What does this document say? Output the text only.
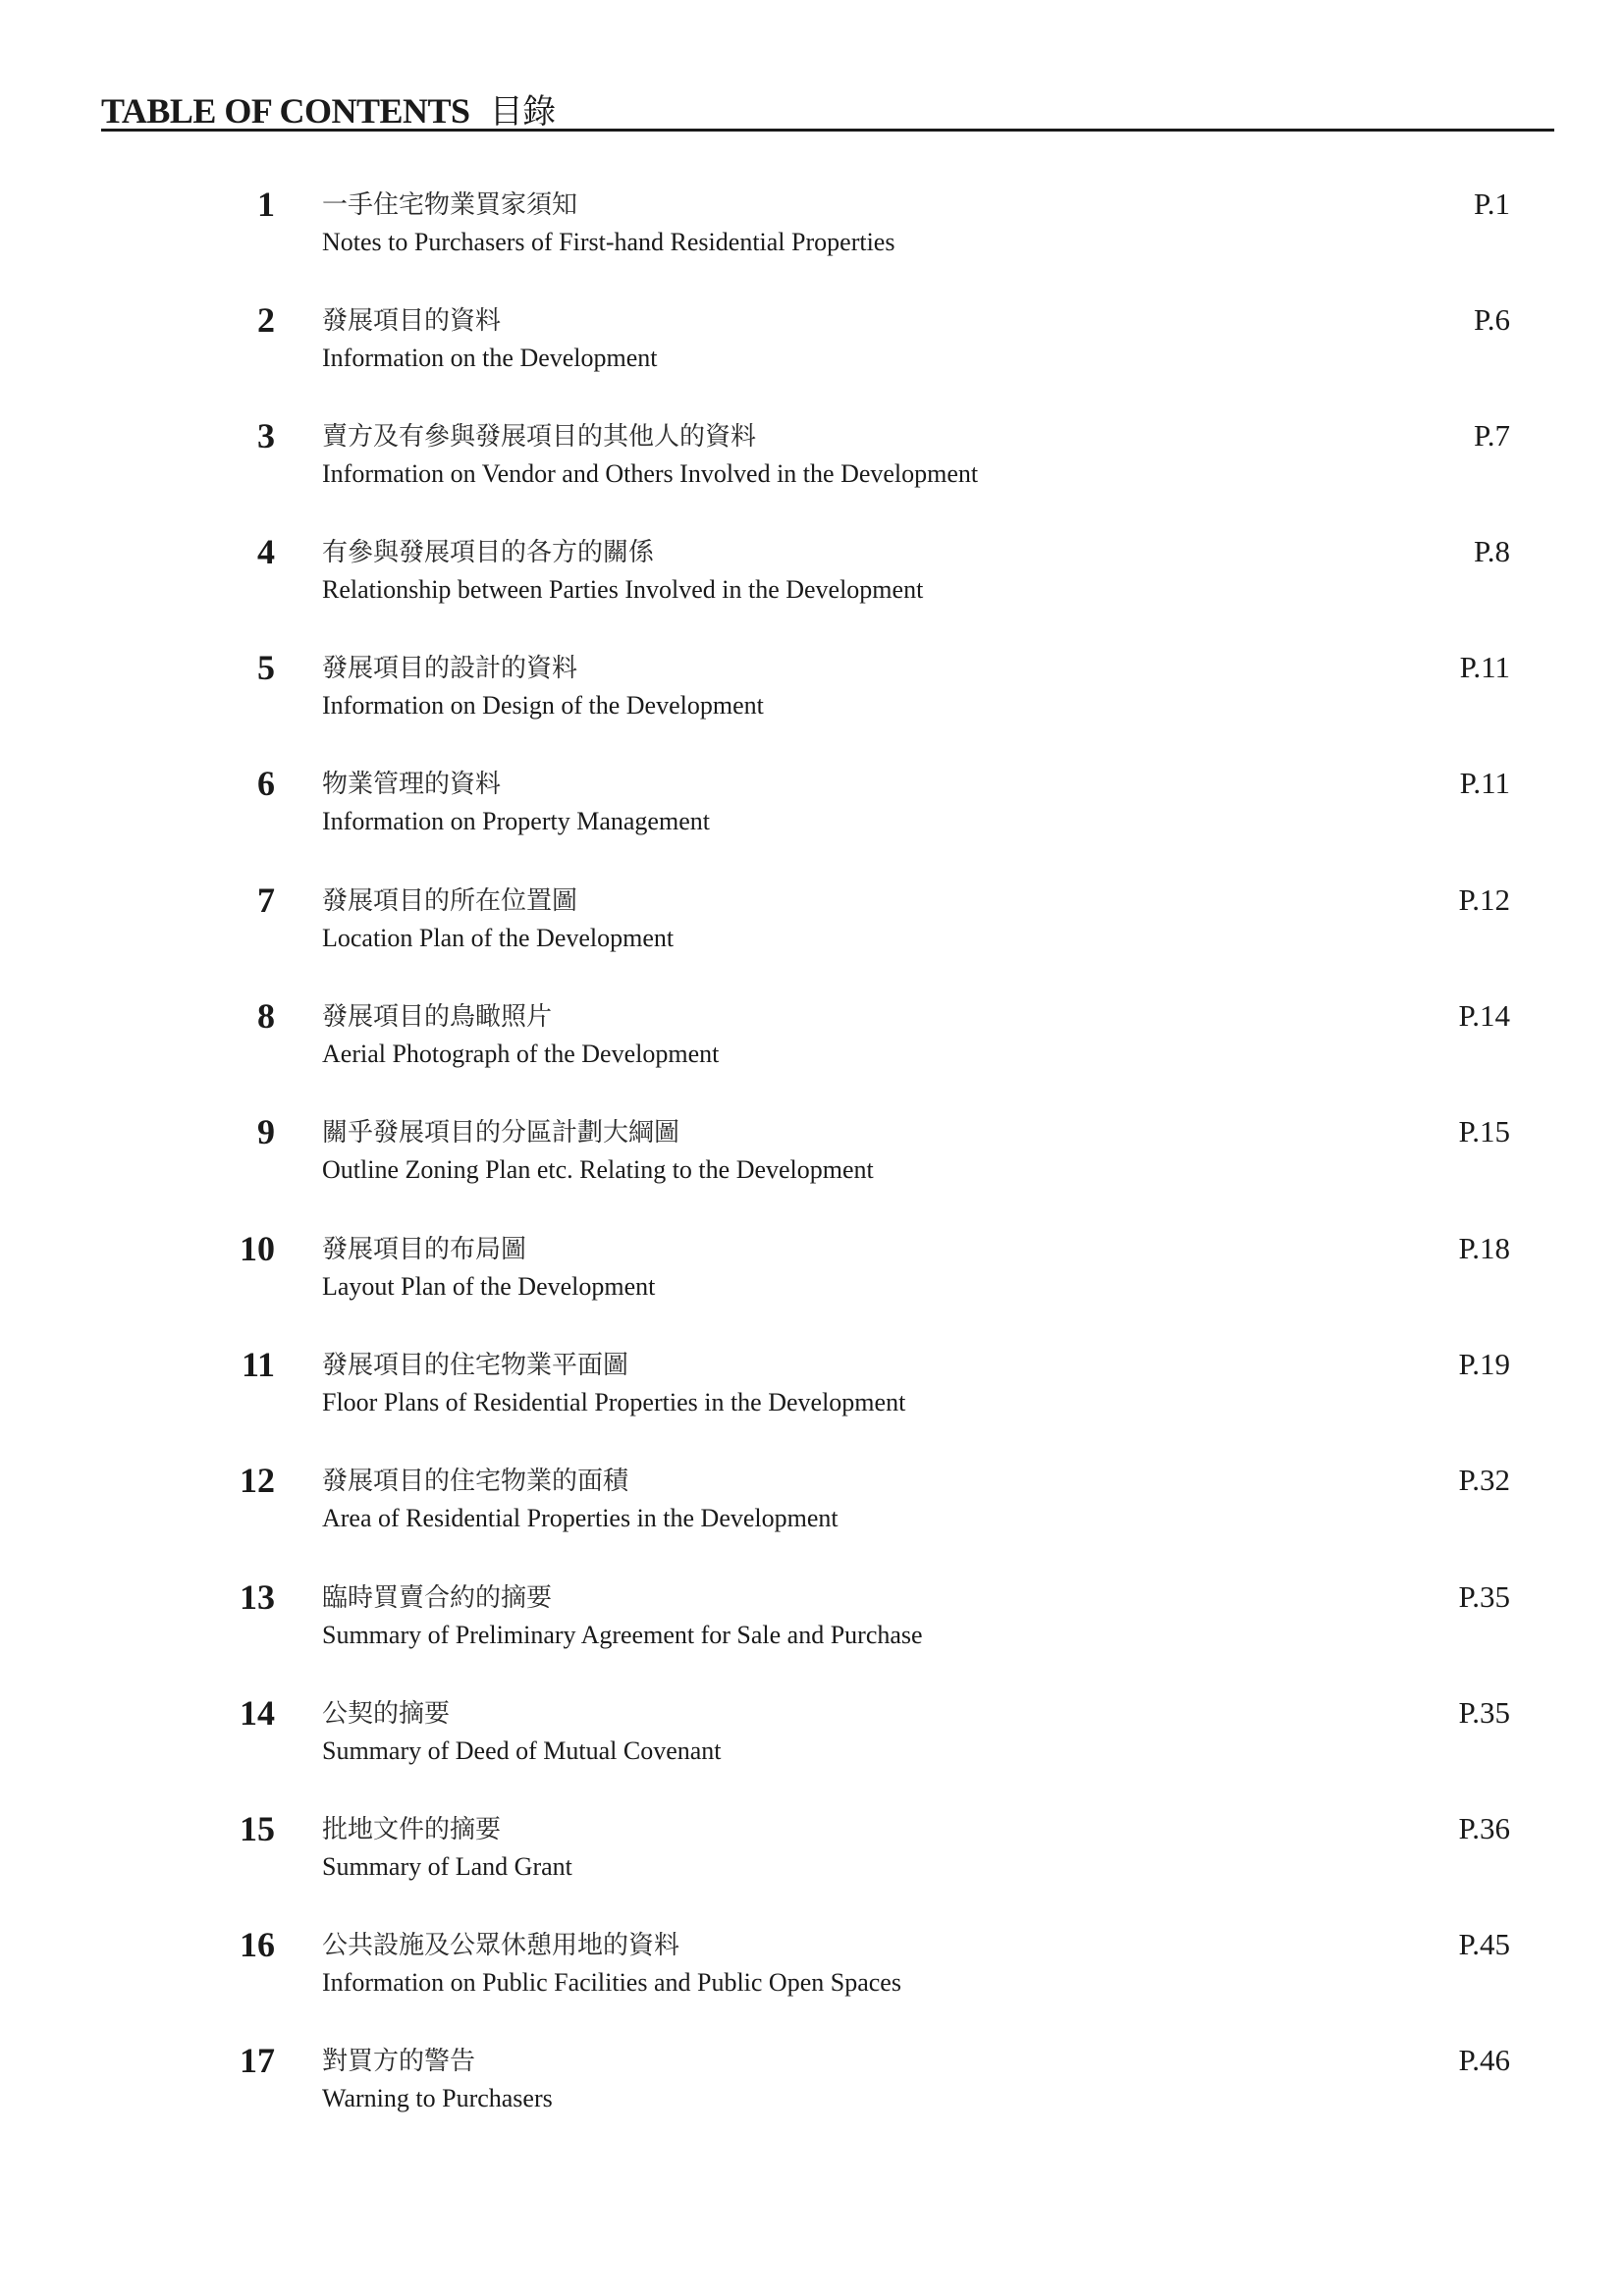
TABLE OF CONTENTS 目錄
1 一手住宅物業買家須知
Notes to Purchasers of First-hand Residential Properties
P.1
2 發展項目的資料
Information on the Development
P.6
3 賣方及有參與發展項目的其他人的資料
Information on Vendor and Others Involved in the Development
P.7
4 有參與發展項目的各方的關係
Relationship between Parties Involved in the Development
P.8
5 發展項目的設計的資料
Information on Design of the Development
P.11
6 物業管理的資料
Information on Property Management
P.11
7 發展項目的所在位置圖
Location Plan of the Development
P.12
8 發展項目的鳥瞰照片
Aerial Photograph of the Development
P.14
9 關乎發展項目的分區計劃大綱圖
Outline Zoning Plan etc. Relating to the Development
P.15
10 發展項目的布局圖
Layout Plan of the Development
P.18
11 發展項目的住宅物業平面圖
Floor Plans of Residential Properties in the Development
P.19
12 發展項目的住宅物業的面積
Area of Residential Properties in the Development
P.32
13 臨時買賣合約的摘要
Summary of Preliminary Agreement for Sale and Purchase
P.35
14 公契的摘要
Summary of Deed of Mutual Covenant
P.35
15 批地文件的摘要
Summary of Land Grant
P.36
16 公共設施及公眾休憩用地的資料
Information on Public Facilities and Public Open Spaces
P.45
17 對買方的警告
Warning to Purchasers
P.46
